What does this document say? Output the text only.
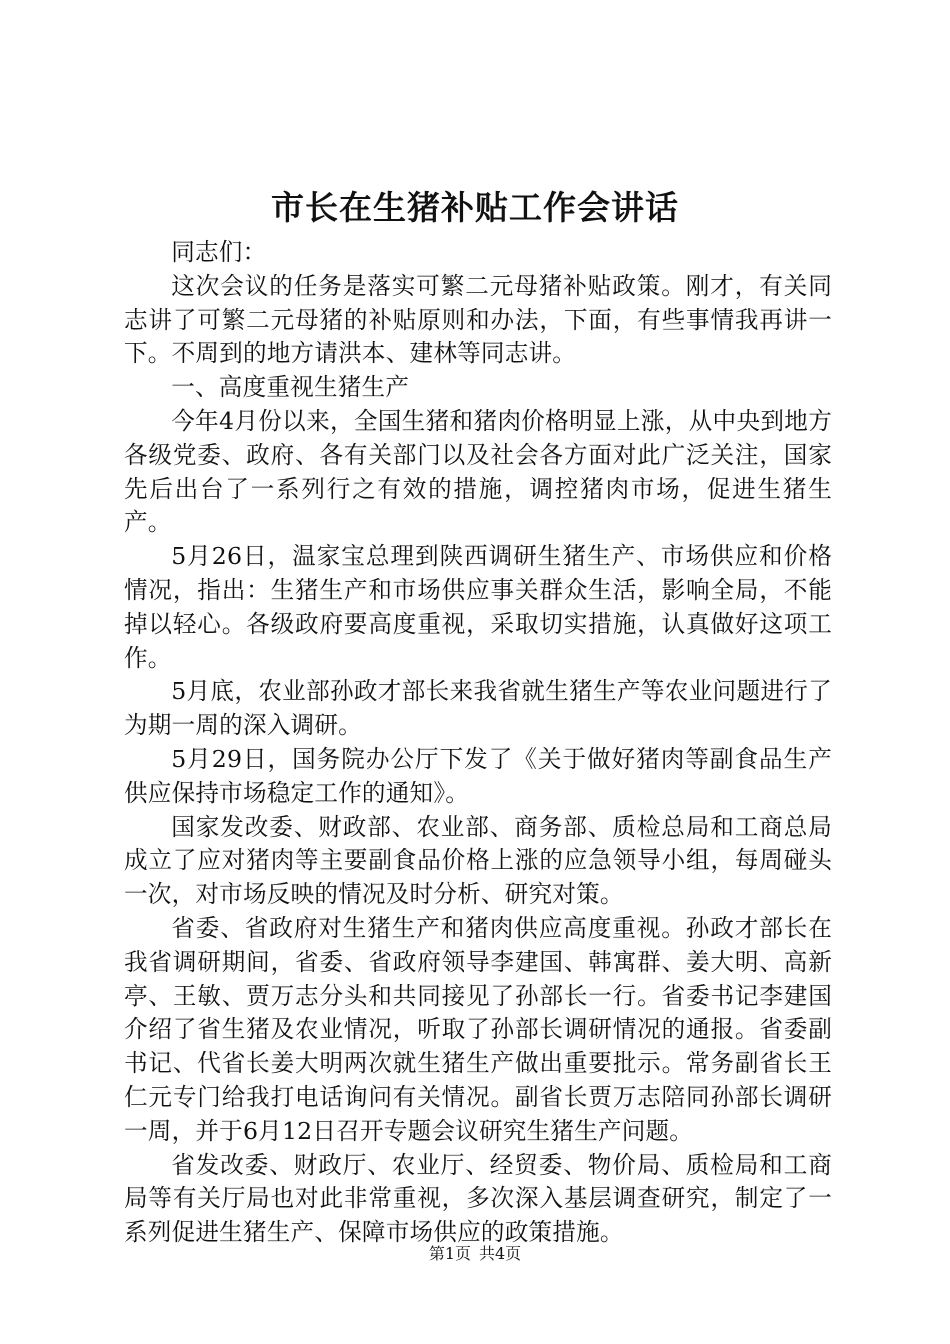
市长在生猪补贴工作会讲话

同志们：

这次会议的任务是落实可繁二元母猪补贴政策。刚才，有关同志讲了可繁二元母猪的补贴原则和办法，下面，有些事情我再讲一下。不周到的地方请洪本、建林等同志讲。

一、高度重视生猪生产

今年4月份以来，全国生猪和猪肉价格明显上涨，从中央到地方各级党委、政府、各有关部门以及社会各方面对此广泛关注，国家先后出台了一系列行之有效的措施，调控猪肉市场，促进生猪生产。

5月26日，温家宝总理到陕西调研生猪生产、市场供应和价格情况，指出：生猪生产和市场供应事关群众生活，影响全局，不能掉以轻心。各级政府要高度重视，采取切实措施，认真做好这项工作。

5月底，农业部孙政才部长来我省就生猪生产等农业问题进行了为期一周的深入调研。

5月29日，国务院办公厅下发了《关于做好猪肉等副食品生产供应保持市场稳定工作的通知》。

国家发改委、财政部、农业部、商务部、质检总局和工商总局成立了应对猪肉等主要副食品价格上涨的应急领导小组，每周碰头一次，对市场反映的情况及时分析、研究对策。

省委、省政府对生猪生产和猪肉供应高度重视。孙政才部长在我省调研期间，省委、省政府领导李建国、韩寓群、姜大明、高新亭、王敏、贾万志分头和共同接见了孙部长一行。省委书记李建国介绍了省生猪及农业情况，听取了孙部长调研情况的通报。省委副书记、代省长姜大明两次就生猪生产做出重要批示。常务副省长王仁元专门给我打电话询问有关情况。副省长贾万志陪同孙部长调研一周，并于6月12日召开专题会议研究生猪生产问题。

省发改委、财政厅、农业厅、经贸委、物价局、质检局和工商局等有关厅局也对此非常重视，多次深入基层调查研究，制定了一系列促进生猪生产、保障市场供应的政策措施。

第1页 共4页
